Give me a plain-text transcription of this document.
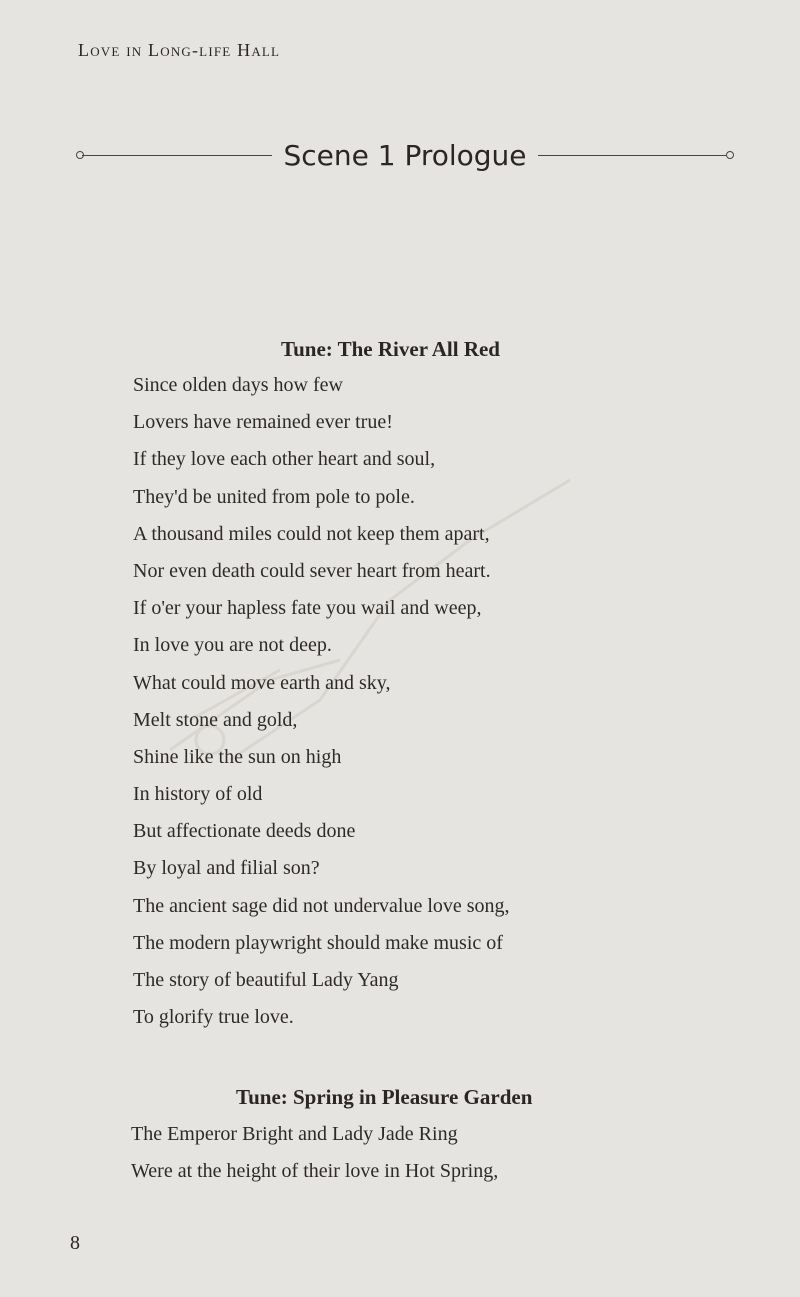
Love in Long-life Hall
Scene 1 Prologue
Tune: The River All Red
Since olden days how few
Lovers have remained ever true!
If they love each other heart and soul,
They'd be united from pole to pole.
A thousand miles could not keep them apart,
Nor even death could sever heart from heart.
If o'er your hapless fate you wail and weep,
In love you are not deep.
What could move earth and sky,
Melt stone and gold,
Shine like the sun on high
In history of old
But affectionate deeds done
By loyal and filial son?
The ancient sage did not undervalue love song,
The modern playwright should make music of
The story of beautiful Lady Yang
To glorify true love.
Tune: Spring in Pleasure Garden
The Emperor Bright and Lady Jade Ring
Were at the height of their love in Hot Spring,
8
